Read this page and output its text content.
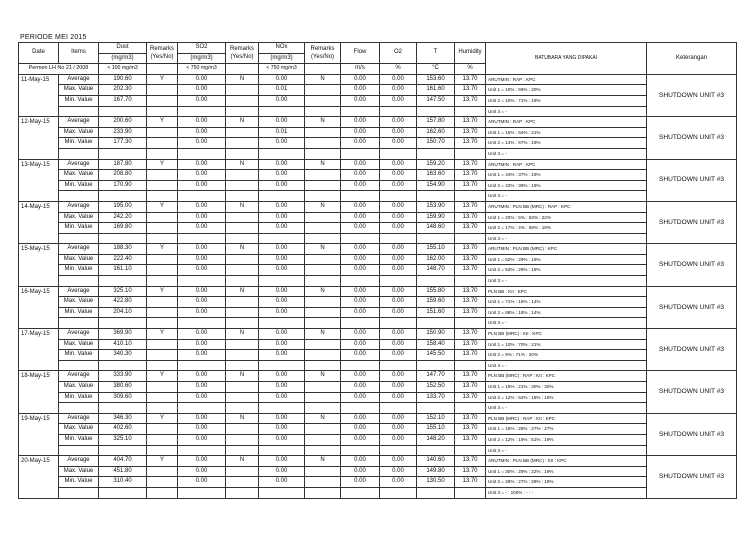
PERIODE MEI 2015
Date	Items	Dust	Remarks (Yes/No)	SO2	Remarks (Yes/No)	NOx	Remarks (Yes/No)	Flow	O2	T	Humidity	BATUBARA YANG DIPAKAI	Keterangan
		(mg/m3)		(mg/m3)		(mg/m3)							
Permen LH No 21 / 2008		< 100 mg/m3		< 750 mg/m3		< 750 mg/m3		m/s	%	°C	%		
11-May-15	Average	190.60	Y	0.00	N	0.00	N	0.00	0.00	153.60	13.70	ARUTMIN : RAP : KPC	SHUTDOWN UNIT #3
	Max. Value	202.30		0.00		0.01		0.00	0.00	161.60	13.70	Unit 1 = 10% : 69% : 20%	
	Min. Value	167.70		0.00		0.00		0.00	0.00	147.50	13.70	Unit 2 = 10% : 71% : 19%	
												Unit 3 = -	
12-May-15	Average	200.60	Y	0.00	N	0.00	N	0.00	0.00	157.80	13.70	ARUTMIN : RAP : KPC	SHUTDOWN UNIT #3
	Max. Value	233.90		0.00		0.01		0.00	0.00	162.60	13.70	Unit 1 = 15% : 64% : 21%	
	Min. Value	177.30		0.00		0.00		0.00	0.00	150.70	13.70	Unit 2 = 14% : 67% : 19%	
												Unit 3 = -	
13-May-15	Average	187.80	Y	0.00	N	0.00	N	0.00	0.00	159.20	13.70	ARUTMIN : RAP : KPC	SHUTDOWN UNIT #3
	Max. Value	208.80		0.00		0.00		0.00	0.00	163.60	13.70	Unit 1 = 44% : 37% : 19%	
	Min. Value	170.90		0.00		0.00		0.00	0.00	154.90	13.70	Unit 2 = 42% : 39% : 19%	
												Unit 3 = -	
14-May-15	Average	195.00	Y	0.00	N	0.00	N	0.00	0.00	153.90	13.70	ARUTMIN : PLN BB (MRC) : RAP : KPC	SHUTDOWN UNIT #3
	Max. Value	242.20		0.00		0.00		0.00	0.00	159.90	13.70	Unit 1 = 20% : 5% : 53% : 22%	
	Min. Value	169.80		0.00		0.00		0.00	0.00	148.60	13.70	Unit 2 = 17% : 4% : 59% : 19%	
												Unit 3 = -	
15-May-15	Average	188.30	Y	0.00	N	0.00	N	0.00	0.00	155.10	13.70	ARUTMIN : PLN BB (MRC) : KPC	SHUTDOWN UNIT #3
	Max. Value	222.40		0.00		0.00		0.00	0.00	162.00	13.70	Unit 1 = 52% : 29% : 19%	
	Min. Value	161.10		0.00		0.00		0.00	0.00	148.70	13.70	Unit 2 = 53% : 28% : 19%	
												Unit 3 = -	
16-May-15	Average	325.10	Y	0.00	N	0.00	N	0.00	0.00	155.80	13.70	PLN BB : KII : KPC	SHUTDOWN UNIT #3
	Max. Value	422.80		0.00		0.00		0.00	0.00	159.60	13.70	Unit 1 = 71% : 15% : 14%	
	Min. Value	204.10		0.00		0.00		0.00	0.00	151.60	13.70	Unit 2 = 68% : 18% : 14%	
												Unit 3 = -	
17-May-15	Average	369.90	Y	0.00	N	0.00	N	0.00	0.00	150.90	13.70	PLN BB (MRC) : KII : KPC	SHUTDOWN UNIT #3
	Max. Value	410.10		0.00		0.00		0.00	0.00	158.40	13.70	Unit 1 = 10% : 70% : 21%	
	Min. Value	340.30		0.00		0.00		0.00	0.00	145.50	13.70	Unit 2 = 9% : 71% : 20%	
												Unit 3 = -	
18-May-15	Average	333.90	Y	0.00	N	0.00	N	0.00	0.00	147.70	13.70	PLN BB (MRC) : RAP : KII : KPC	SHUTDOWN UNIT #3
	Max. Value	380.60		0.00		0.00		0.00	0.00	152.50	13.70	Unit 1 = 19% : 21% : 30% : 30%	
	Min. Value	309.60		0.00		0.00		0.00	0.00	133.70	13.70	Unit 2 = 12% : 52% : 18% : 18%	
												Unit 3 = -	
19-May-15	Average	346.30	Y	0.00	N	0.00	N	0.00	0.00	152.10	13.70	PLN BB (MRC) : RAP : KII : KPC	SHUTDOWN UNIT #3
	Max. Value	402.60		0.00		0.00		0.00	0.00	155.10	13.70	Unit 1 = 18% : 28% : 27% : 27%	
	Min. Value	325.10		0.00		0.00		0.00	0.00	148.20	13.70	Unit 2 = 12% : 19% : 51% : 19%	
												Unit 3 = -	
20-May-15	Average	404.70	Y	0.00	N	0.00	N	0.00	0.00	140.60	13.70	ARUTMIN : PLN BB (MRC) : KII : KPC	SHUTDOWN UNIT #3
	Max. Value	451.80		0.00		0.00		0.00	0.00	149.80	13.70	Unit 1 = 30% : 29% : 22% : 19%	
	Min. Value	310.40		0.00		0.00		0.00	0.00	130.50	13.70	Unit 2 = 28% : 27% : 28% : 18%	
												Unit 3 = - : 100% : - : -	
